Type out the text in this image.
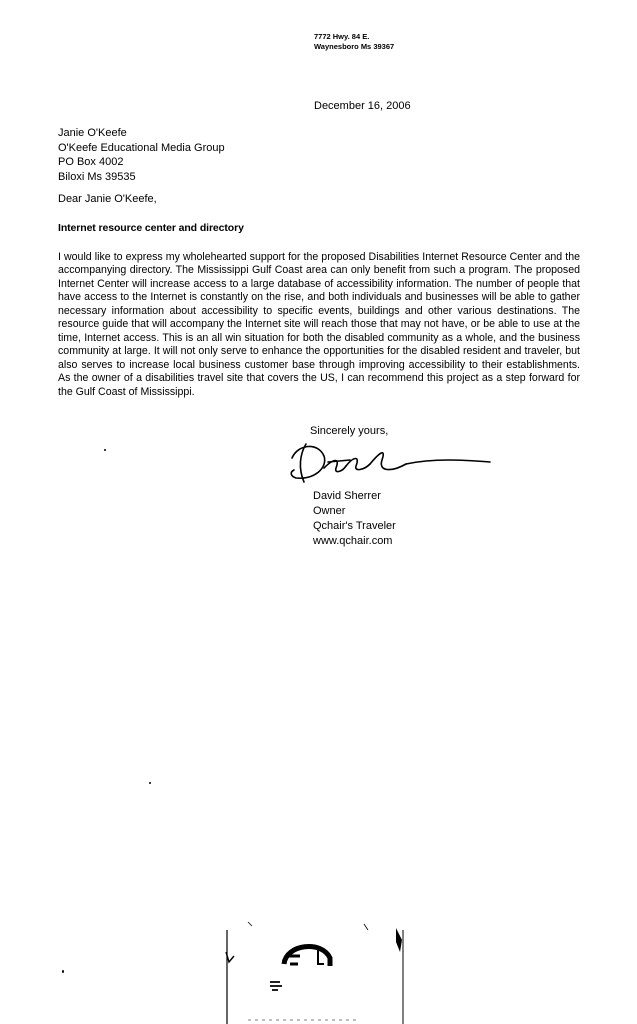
7772 Hwy. 84 E.
Waynesboro Ms 39367
December 16, 2006
Janie O'Keefe
O'Keefe Educational Media Group
PO Box 4002
Biloxi Ms 39535
Dear Janie O'Keefe,
Internet resource center and directory

I would like to express my wholehearted support for the proposed Disabilities Internet Resource Center and the accompanying directory. The Mississippi Gulf Coast area can only benefit from such a program. The proposed Internet Center will increase access to a large database of accessibility information. The number of people that have access to the Internet is constantly on the rise, and both individuals and businesses will be able to gather necessary information about accessibility to specific events, buildings and other various destinations. The resource guide that will accompany the Internet site will reach those that may not have, or be able to use at the time, Internet access. This is an all win situation for both the disabled community as a whole, and the business community at large. It will not only serve to enhance the opportunities for the disabled resident and traveler, but also serves to increase local business customer base through improving accessibility to their establishments. As the owner of a disabilities travel site that covers the US, I can recommend this project as a step forward for the Gulf Coast of Mississippi.

Sincerely yours,
David Sherrer
Owner
Qchair's Traveler
www.qchair.com
